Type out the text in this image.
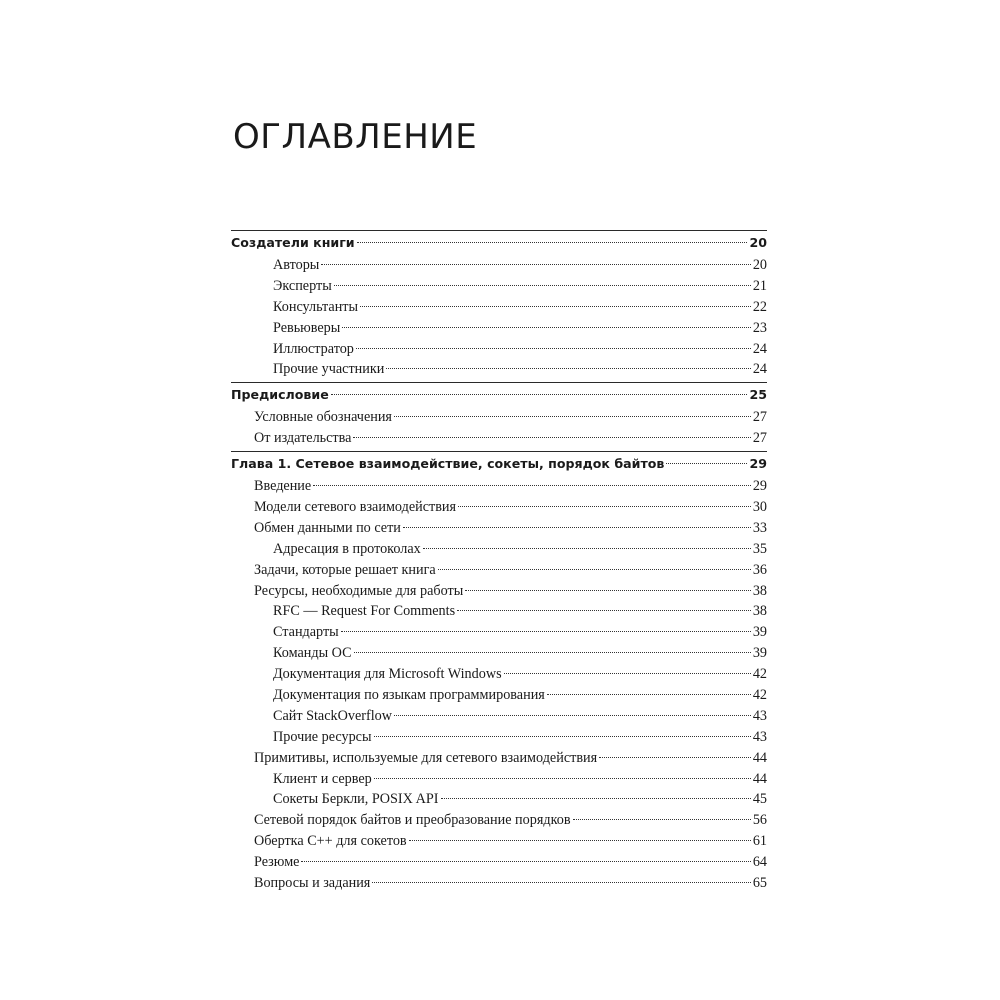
ОГЛАВЛЕНИЕ
Создатели книги	20
Авторы	20
Эксперты	21
Консультанты	22
Ревьюверы	23
Иллюстратор	24
Прочие участники	24
Предисловие	25
Условные обозначения	27
От издательства	27
Глава 1. Сетевое взаимодействие, сокеты, порядок байтов	29
Введение	29
Модели сетевого взаимодействия	30
Обмен данными по сети	33
Адресация в протоколах	35
Задачи, которые решает книга	36
Ресурсы, необходимые для работы	38
RFC — Request For Comments	38
Стандарты	39
Команды ОС	39
Документация для Microsoft Windows	42
Документация по языкам программирования	42
Сайт StackOverflow	43
Прочие ресурсы	43
Примитивы, используемые для сетевого взаимодействия	44
Клиент и сервер	44
Сокеты Беркли, POSIX API	45
Сетевой порядок байтов и преобразование порядков	56
Обертка C++ для сокетов	61
Резюме	64
Вопросы и задания	65
